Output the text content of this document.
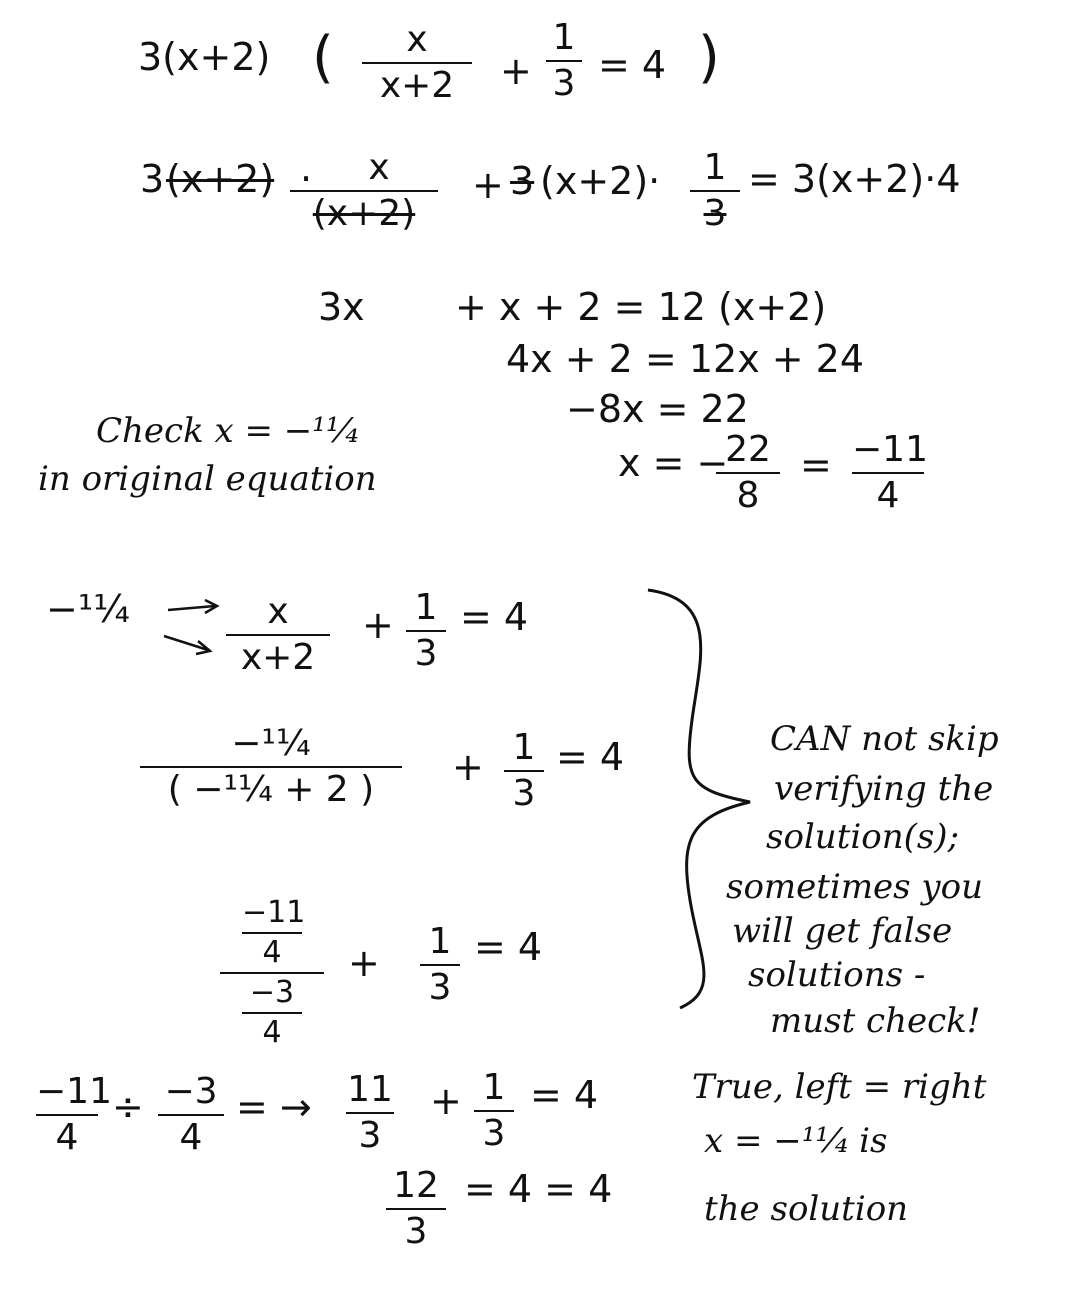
3(x+2) (	x
x+2	+
1
3 = 4 )
3 (x+2) ·	x
(x+2)
+ 3 (x+2)·	1
3
= 3(x+2)·4
3x + x + 2 = 12 (x+2)
4x + 2 = 12x + 24
−8x = 22
x = −
22
8
= −11
4
Check x = −¹¹⁄₄
in original equation
−¹¹⁄₄	x
x+2
+ 1
3
= 4
−¹¹⁄₄
( −¹¹⁄₄ + 2 )
+ 1
3
= 4
$\frac{-11}{4}$
$\frac{-3}{4}$
+ 1
3
= 4
−11
4
÷ −3
4
= → 11
3
+ 1
3
= 4
12
3
= 4 = 4
CAN not skip
verifying the
solution(s);
sometimes you
will get false
solutions -
must check!
True, left = right
x = −¹¹⁄₄ is
the solution
